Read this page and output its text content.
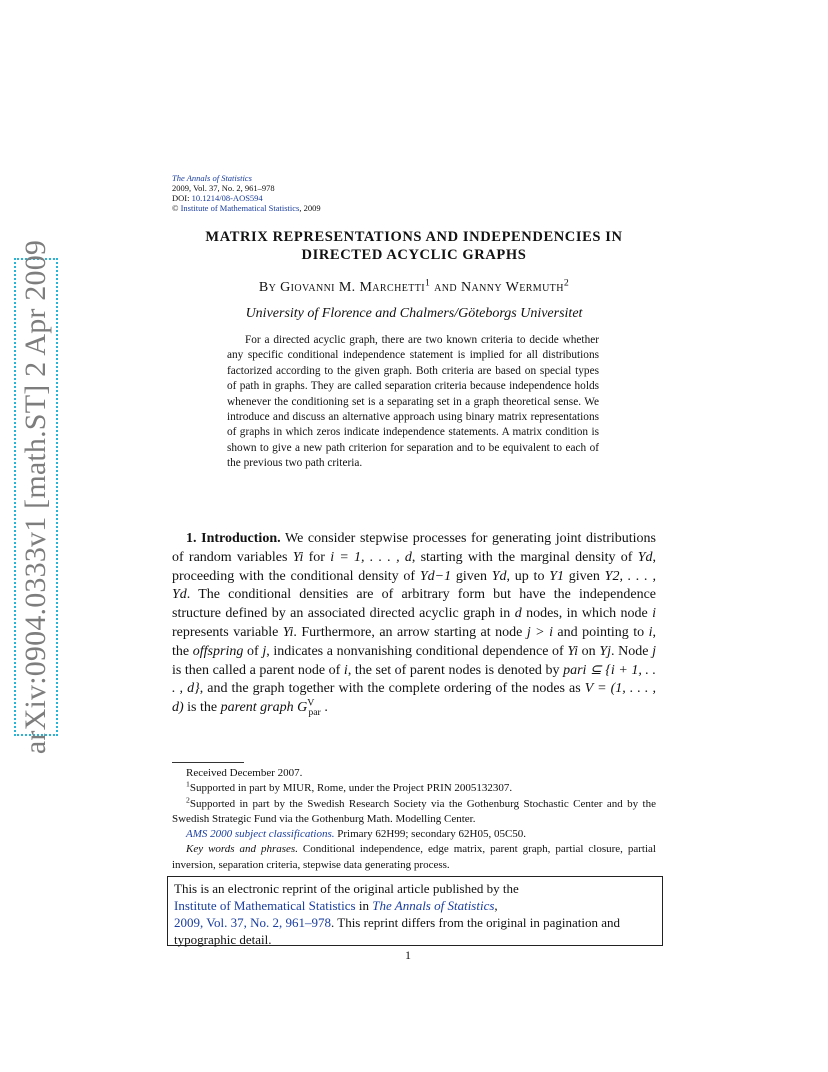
arXiv:0904.0333v1 [math.ST] 2 Apr 2009
The Annals of Statistics
2009, Vol. 37, No. 2, 961–978
DOI: 10.1214/08-AOS594
© Institute of Mathematical Statistics, 2009
MATRIX REPRESENTATIONS AND INDEPENDENCIES IN
DIRECTED ACYCLIC GRAPHS
By Giovanni M. Marchetti$^1$ and Nanny Wermuth$^2$
University of Florence and Chalmers/Göteborgs Universitet
For a directed acyclic graph, there are two known criteria to decide whether any specific conditional independence statement is implied for all distributions factorized according to the given graph. Both criteria are based on special types of path in graphs. They are called separation criteria because independence holds whenever the conditioning set is a separating set in a graph theoretical sense. We introduce and discuss an alternative approach using binary matrix representations of graphs in which zeros indicate independence statements. A matrix condition is shown to give a new path criterion for separation and to be equivalent to each of the previous two path criteria.
1. Introduction. We consider stepwise processes for generating joint distributions of random variables Yi for i = 1, . . . , d, starting with the marginal density of Yd, proceeding with the conditional density of Yd−1 given Yd, up to Y1 given Y2, . . . , Yd. The conditional densities are of arbitrary form but have the independence structure defined by an associated directed acyclic graph in d nodes, in which node i represents variable Yi. Furthermore, an arrow starting at node j > i and pointing to i, the offspring of j, indicates a nonvanishing conditional dependence of Yi on Yj. Node j is then called a parent node of i, the set of parent nodes is denoted by pari ⊆ {i + 1, . . . , d}, and the graph together with the complete ordering of the nodes as V = (1, . . . , d) is the parent graph $G^V_{par}$ .

Received December 2007.

$^1$Supported in part by MIUR, Rome, under the Project PRIN 2005132307.

$^2$Supported in part by the Swedish Research Society via the Gothenburg Stochastic Center and by the Swedish Strategic Fund via the Gothenburg Math. Modelling Center.

AMS 2000 subject classifications. Primary 62H99; secondary 62H05, 05C50.

Key words and phrases. Conditional independence, edge matrix, parent graph, partial closure, partial inversion, separation criteria, stepwise data generating process.

This is an electronic reprint of the original article published by the
Institute of Mathematical Statistics in The Annals of Statistics,
2009, Vol. 37, No. 2, 961–978. This reprint differs from the original in pagination and typographic detail.
1
